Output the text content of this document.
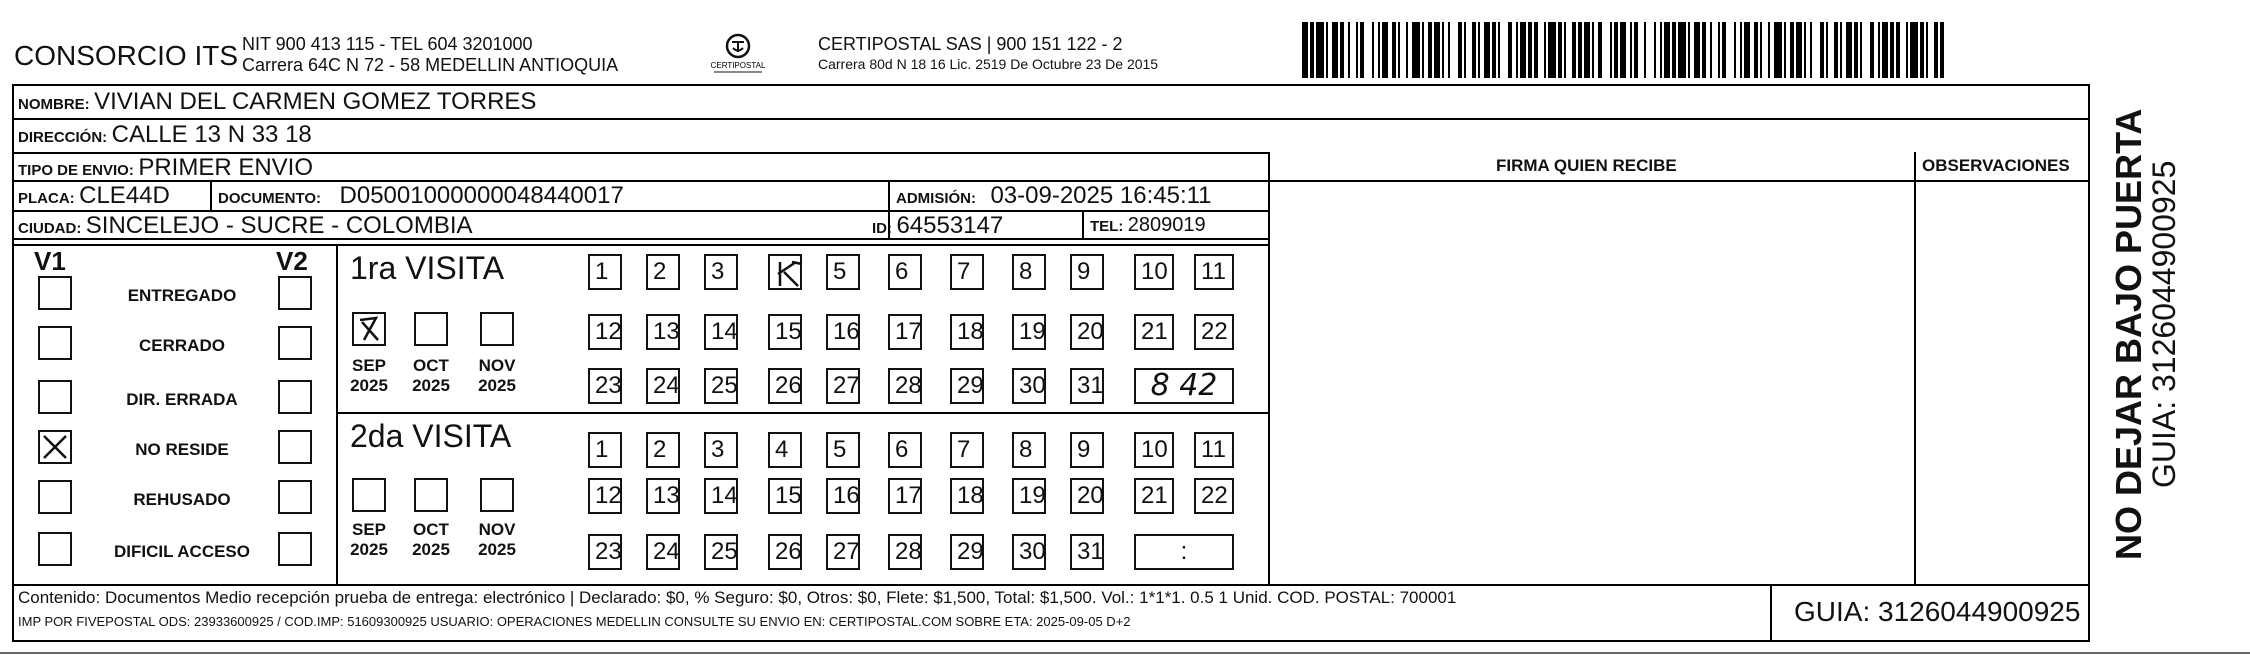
CONSORCIO ITS NIT 900 413 115 - TEL 604 3201000
Carrera 64C N 72 - 58 MEDELLIN ANTIOQUIA	CERTIPOSTAL
CERTIPOSTAL SAS | 900 151 122 - 2
Carrera 80d N 18 16 Lic. 2519 De Octubre 23 De 2015
NOMBRE: VIVIAN DEL CARMEN GOMEZ TORRES
DIRECCIÓN: CALLE 13 N 33 18
TIPO DE ENVIO: PRIMER ENVIO
PLACA: CLE44D	DOCUMENTO: D05001000000048440017	ADMISIÓN: 03-09-2025 16:45:11
CIUDAD: SINCELEJO - SUCRE - COLOMBIA	ID: 64553147	TEL: 2809019
FIRMA QUIEN RECIBE	OBSERVACIONES
V1	V2
ENTREGADO
CERRADO
DIR. ERRADA
NO RESIDE
REHUSADO
DIFICIL ACCESO
1ra VISITA
2da VISITA
SEP
2025
OCT
2025
NOV
2025
SEP
2025
OCT
2025
NOV
2025
1	2	3	5	6	7	8	9	10 11
12 13 14 15 16 17 18 19 20 21 22
23 24 25 26 27 28 29 30 31	8 42
1	2	3	4	5	6	7	8	9	10 11
12 13 14 15 16 17 18 19 20 21 22
23 24 25 26 27 28 29 30 31	:
Contenido: Documentos Medio recepción prueba de entrega: electrónico | Declarado: $0, % Seguro: $0, Otros: $0, Flete: $1,500, Total: $1,500. Vol.: 1*1*1. 0.5 1 Unid. COD. POSTAL: 700001
IMP POR FIVEPOSTAL ODS: 23933600925 / COD.IMP: 51609300925 USUARIO: OPERACIONES MEDELLIN CONSULTE SU ENVIO EN: CERTIPOSTAL.COM SOBRE ETA: 2025-09-05 D+2	GUIA: 3126044900925
NO DEJAR BAJO PUERTA
GUIA: 3126044900925
